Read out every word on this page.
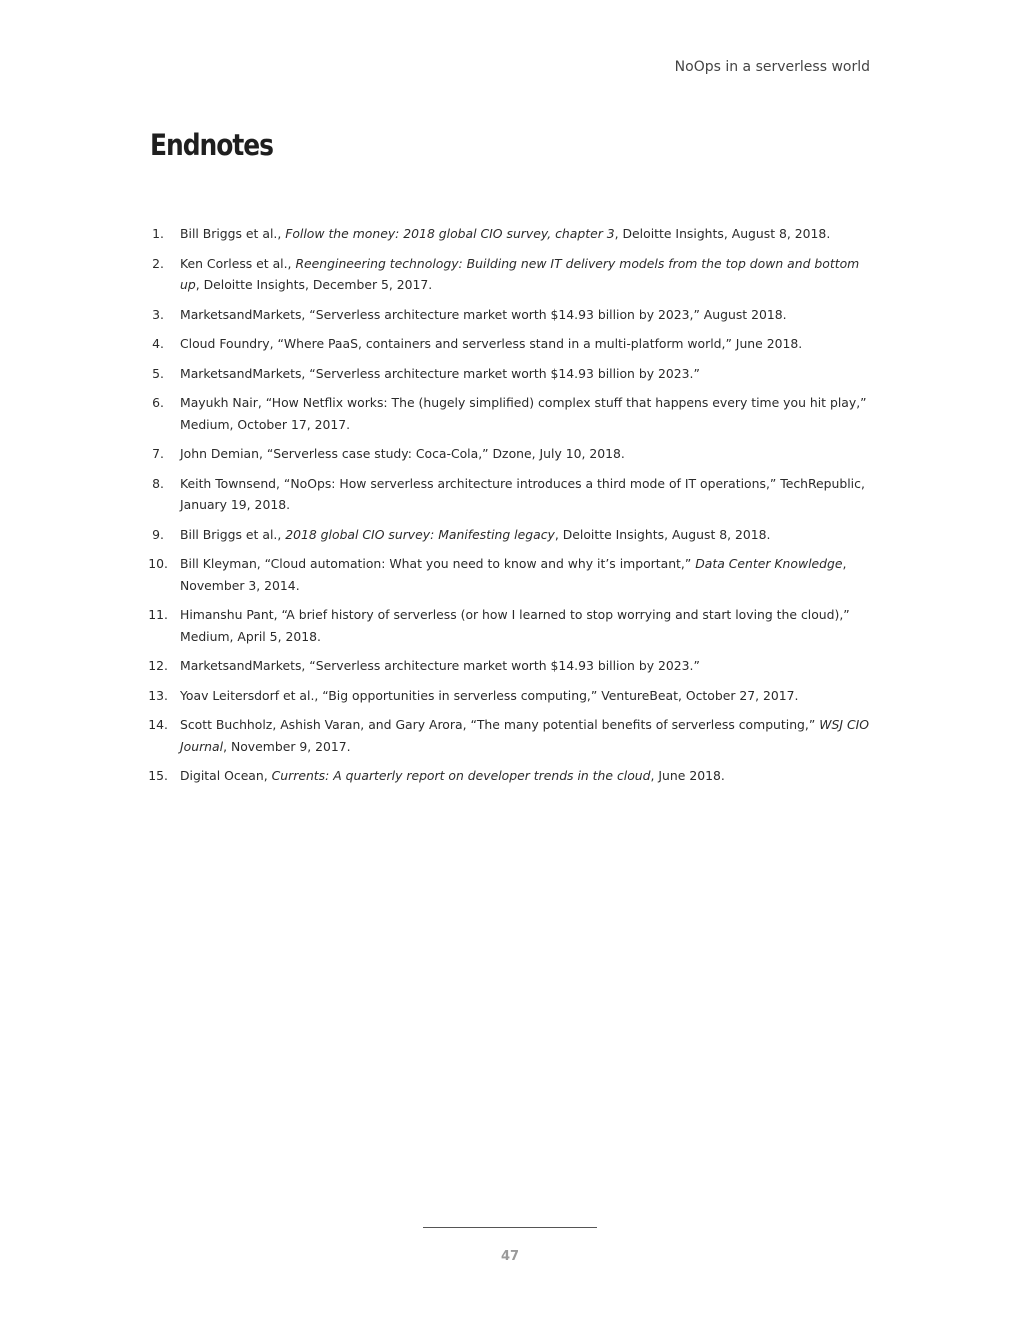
NoOps in a serverless world
Endnotes
1. Bill Briggs et al., Follow the money: 2018 global CIO survey, chapter 3, Deloitte Insights, August 8, 2018.
2. Ken Corless et al., Reengineering technology: Building new IT delivery models from the top down and bottom up, Deloitte Insights, December 5, 2017.
3. MarketsandMarkets, “Serverless architecture market worth $14.93 billion by 2023,” August 2018.
4. Cloud Foundry, “Where PaaS, containers and serverless stand in a multi-platform world,” June 2018.
5. MarketsandMarkets, “Serverless architecture market worth $14.93 billion by 2023.”
6. Mayukh Nair, “How Netflix works: The (hugely simplified) complex stuff that happens every time you hit play,” Medium, October 17, 2017.
7. John Demian, “Serverless case study: Coca-Cola,” Dzone, July 10, 2018.
8. Keith Townsend, “NoOps: How serverless architecture introduces a third mode of IT operations,” TechRepublic, January 19, 2018.
9. Bill Briggs et al., 2018 global CIO survey: Manifesting legacy, Deloitte Insights, August 8, 2018.
10. Bill Kleyman, “Cloud automation: What you need to know and why it’s important,” Data Center Knowledge, November 3, 2014.
11. Himanshu Pant, “A brief history of serverless (or how I learned to stop worrying and start loving the cloud),” Medium, April 5, 2018.
12. MarketsandMarkets, “Serverless architecture market worth $14.93 billion by 2023.”
13. Yoav Leitersdorf et al., “Big opportunities in serverless computing,” VentureBeat, October 27, 2017.
14. Scott Buchholz, Ashish Varan, and Gary Arora, “The many potential benefits of serverless computing,” WSJ CIO Journal, November 9, 2017.
15. Digital Ocean, Currents: A quarterly report on developer trends in the cloud, June 2018.
47
